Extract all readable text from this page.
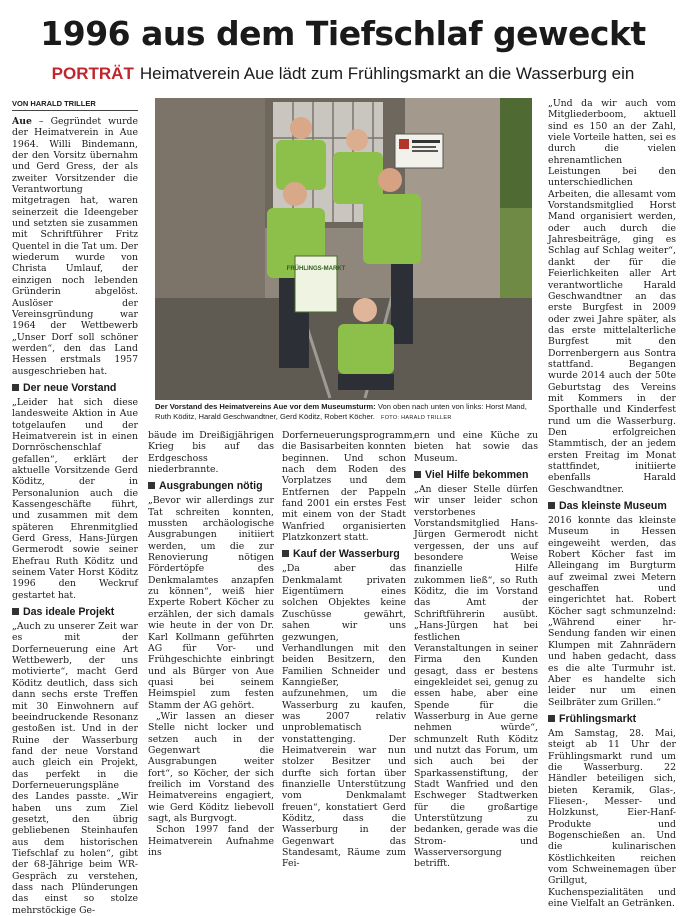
1996 aus dem Tiefschlaf geweckt
PORTRÄT Heimatverein Aue lädt zum Frühlingsmarkt an die Wasserburg ein
VON HARALD TRILLER

Aue – Gegründet wurde der Heimatverein in Aue 1964. Willi Bindemann, der den Vorsitz übernahm und Gerd Gress, der als zweiter Vorsitzender die Verantwortung mitgetragen hat, waren seinerzeit die Ideengeber und setzten sie zusammen mit Schriftführer Fritz Quentel in die Tat um. Der wiederum wurde von Christa Umlauf, der einzigen noch lebenden Gründerin abgelöst. Auslöser der Vereinsgründung war 1964 der Wettbewerb „Unser Dorf soll schöner werden“, den das Land Hessen erstmals 1957 ausgeschrieben hat.

Der neue Vorstand

„Leider hat sich diese landesweite Aktion in Aue totgelaufen und der Heimatverein ist in einen Dornröschenschlaf gefallen“, erklärt der aktuelle Vorsitzende Gerd Köditz, der in Personalunion auch die Kassengeschäfte führt, und zusammen mit dem späteren Ehrenmitglied Gerd Gress, Hans-Jürgen Germerodt sowie seiner Ehefrau Ruth Köditz und seinem Vater Horst Köditz 1996 den Weckruf gestartet hat.

Das ideale Projekt

„Auch zu unserer Zeit war es mit der Dorferneuerung eine Art Wettbewerb, der uns motivierte“, macht Gerd Köditz deutlich, dass sich dann sechs erste Treffen mit 30 Einwohnern auf beeindruckende Resonanz gestoßen ist. Und in der Ruine der Wasserburg fand der neue Vorstand auch gleich ein Projekt, das perfekt in die Dorferneuerungspläne des Landes passte. „Wir haben uns zum Ziel gesetzt, den übrig gebliebenen Steinhaufen aus dem historischen Tiefschlaf zu holen“, gibt der 68-Jährige beim WR-Gespräch zu verstehen, dass nach Plünderungen das einst so stolze mehrstöckige Ge-

FRÜHLINGS-MARKT
Der Vorstand des Heimatvereins Aue vor dem Museumsturm: Von oben nach unten von links: Horst Mand, Ruth Köditz, Harald Geschwandtner, Gerd Köditz, Robert Köcher. FOTO: HARALD TRILLER

bäude im Dreißigjährigen Krieg bis auf das Erdgeschoss niederbrannte.

Ausgrabungen nötig

„Bevor wir allerdings zur Tat schreiten konnten, mussten archäologische Ausgrabungen initiiert werden, um die zur Renovierung nötigen Fördertöpfe des Denkmalamtes anzapfen zu können“, weiß hier Experte Robert Köcher zu erzählen, der sich damals wie heute in der von Dr. Karl Kollmann geführten AG für Vor- und Frühgeschichte einbringt und als Bürger von Aue quasi bei seinem Heimspiel zum festen Stamm der AG gehört.

„Wir lassen an dieser Stelle nicht locker und setzen auch in der Gegenwart die Ausgrabungen weiter fort“, so Köcher, der sich freilich im Vorstand des Heimatvereins engagiert, wie Gerd Köditz liebevoll sagt, als Burgvogt.

Schon 1997 fand der Heimatverein Aufnahme ins

Dorferneuerungsprogramm, die Basisarbeiten konnten beginnen. Und schon nach dem Roden des Vorplatzes und dem Entfernen der Pappeln fand 2001 ein erstes Fest mit einem von der Stadt Wanfried organisierten Platzkonzert statt.

Kauf der Wasserburg

„Da aber das Denkmalamt privaten Eigentümern eines solchen Objektes keine Zuschüsse gewährt, sahen wir uns gezwungen, Verhandlungen mit den beiden Besitzern, den Familien Schneider und Kanngießer, aufzunehmen, um die Wasserburg zu kaufen, was 2007 relativ unproblematisch vonstattenging. Der Heimatverein war nun stolzer Besitzer und durfte sich fortan über finanzielle Unterstützung vom Denkmalamt freuen“, konstatiert Gerd Köditz, dass die Wasserburg in der Gegenwart das Standesamt, Räume zum Fei-

ern und eine Küche zu bieten hat sowie das Museum.

Viel Hilfe bekommen

„An dieser Stelle dürfen wir unser leider schon verstorbenes Vorstandsmitglied Hans-Jürgen Germerodt nicht vergessen, der uns auf besondere Weise finanzielle Hilfe zukommen ließ“, so Ruth Köditz, die im Vorstand das Amt der Schriftführerin ausübt. „Hans-Jürgen hat bei festlichen Veranstaltungen in seiner Firma den Kunden gesagt, dass er bestens eingekleidet sei, genug zu essen habe, aber eine Spende für die Wasserburg in Aue gerne nehmen würde“, schmunzelt Ruth Köditz und nutzt das Forum, um sich auch bei der Sparkassenstiftung, der Stadt Wanfried und den Eschweger Stadtwerken für die großartige Unterstützung zu bedanken, gerade was die Strom- und Wasserversorgung betrifft.

„Und da wir auch vom Mitgliederboom, aktuell sind es 150 an der Zahl, viele Vorteile hatten, sei es durch die vielen ehrenamtlichen Leistungen bei den unterschiedlichen Arbeiten, die allesamt vom Vorstandsmitglied Horst Mand organisiert werden, oder auch durch die Jahresbeiträge, ging es Schlag auf Schlag weiter“, dankt der für die Feierlichkeiten aller Art verantwortliche Harald Geschwandtner an das erste Burgfest in 2009 oder zwei Jahre später, als das erste mittelalterliche Burgfest mit den Dorrenbergern aus Sontra stattfand. Begangen wurde 2014 auch der 50te Geburtstag des Vereins mit Kommers in der Sporthalle und Kinderfest rund um die Wasserburg. Den erfolgreichen Stammtisch, der an jedem ersten Freitag im Monat stattfindet, initiierte ebenfalls Harald Geschwandtner.

Das kleinste Museum

2016 konnte das kleinste Museum in Hessen eingeweiht werden, das Robert Köcher fast im Alleingang im Burgturm auf zweimal zwei Metern geschaffen und eingerichtet hat. Robert Köcher sagt schmunzelnd: „Während einer hr-Sendung fanden wir einen Klumpen mit Zahnrädern und haben gedacht, dass es die alte Turmuhr ist. Aber es handelte sich leider nur um einen Seilbräter zum Grillen.“

Frühlingsmarkt

Am Samstag, 28. Mai, steigt ab 11 Uhr der Frühlingsmarkt rund um die Wasserburg. 22 Händler beteiligen sich, bieten Keramik, Glas-, Fliesen-, Messer- und Holzkunst, Eier-Hanf-Produkte und Bogenschießen an. Und die kulinarischen Köstlichkeiten reichen vom Schweinemagen über Grillgut, Kuchenspezialitäten und eine Vielfalt an Getränken.
